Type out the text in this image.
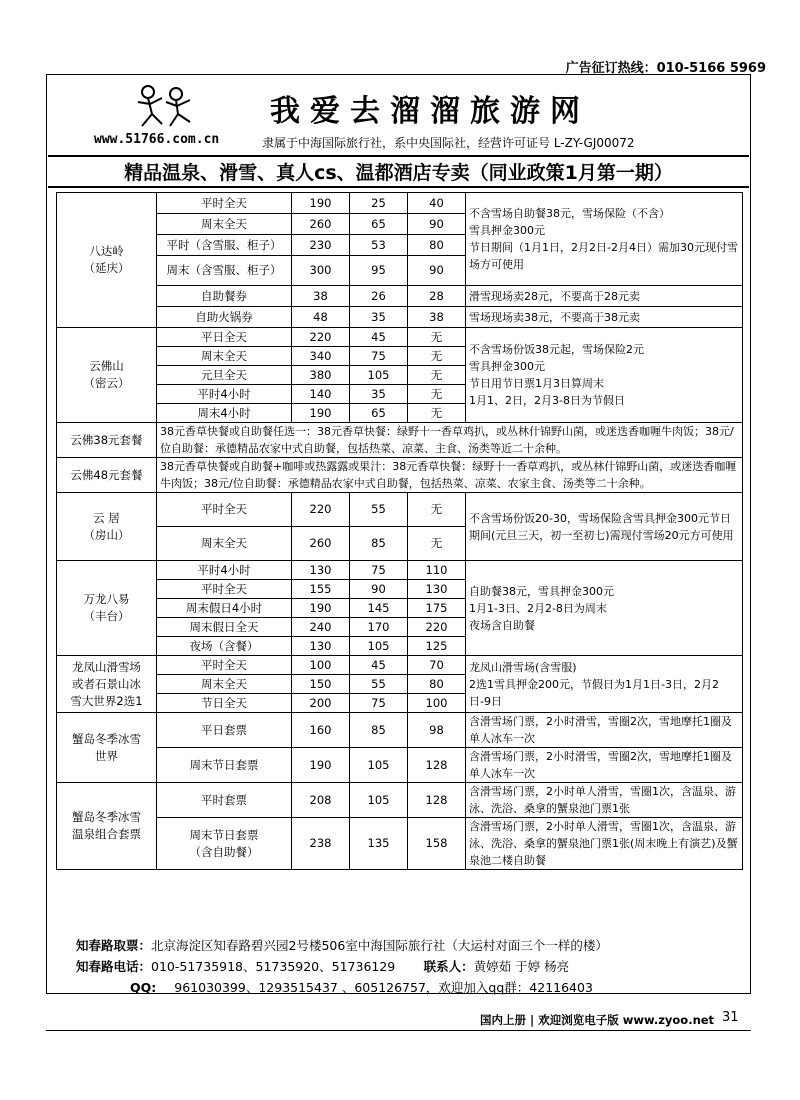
广告征订热线：010-5166 5969
我爱去溜溜旅游网
www.51766.com.cn	隶属于中海国际旅行社，系中央国际社，经营许可证号 L-ZY-GJ00072
精品温泉、滑雪、真人cs、温都酒店专卖（同业政策1月第一期）
八达岭
（延庆）	平时全天	190	25	40	不含雪场自助餐38元，雪场保险（不含）
雪具押金300元
节日期间（1月1日，2月2日-2月4日）需加30元现付雪场方可使用
	周末全天	260	65	90	
	平时（含雪服、柜子）	230	53	80	
	周末（含雪服、柜子）	300	95	90	
	自助餐券	38	26	28	滑雪现场卖28元，不要高于28元卖
	自助火锅券	48	35	38	雪场现场卖38元，不要高于38元卖
云佛山
（密云）	平日全天	220	45	无	不含雪场份饭38元起，雪场保险2元
雪具押金300元
节日用节日票1月3日算周末
1月1、2日，2月3-8日为节假日
	周末全天	340	75	无	
	元旦全天	380	105	无	
	平时4小时	140	35	无	
	周末4小时	190	65	无	
云佛38元套餐	38元香草快餐或自助餐任选一：38元香草快餐：绿野十一香草鸡扒，或丛林什锦野山菌，或迷迭香咖喱牛肉饭；38元/位自助餐：承德精品农家中式自助餐，包括热菜、凉菜、主食、汤类等近二十余种。				
云佛48元套餐	38元香草快餐或自助餐+咖啡或热露露或果汁：38元香草快餐：绿野十一香草鸡扒，或丛林什锦野山菌，或迷迭香咖喱牛肉饭；38元/位自助餐：承德精品农家中式自助餐，包括热菜、凉菜、农家主食、汤类等二十余种。				
云 居
（房山）	平时全天	220	55	无	不含雪场份饭20-30，雪场保险含雪具押金300元节日期间(元旦三天，初一至初七)需现付雪场20元方可使用
	周末全天	260	85	无	
万龙八易
（丰台）	平时4小时	130	75	110	自助餐38元，雪具押金300元
1月1-3日、2月2-8日为周末
夜场含自助餐
	平时全天	155	90	130	
	周末假日4小时	190	145	175	
	周末假日全天	240	170	220	
	夜场（含餐）	130	105	125	
龙凤山滑雪场
或者石景山冰
雪大世界2选1	平时全天	100	45	70	龙凤山滑雪场(含雪服)
2选1雪具押金200元，节假日为1月1日-3日，2月2日-9日
	周末全天	150	55	80	
	节日全天	200	75	100	
蟹岛冬季冰雪
世界	平日套票	160	85	98	含滑雪场门票，2小时滑雪，雪圈2次，雪地摩托1圈及单人冰车一次
	周末节日套票	190	105	128	含滑雪场门票，2小时滑雪，雪圈2次，雪地摩托1圈及单人冰车一次
蟹岛冬季冰雪
温泉组合套票	平时套票	208	105	128	含滑雪场门票，2小时单人滑雪，雪圈1次，含温泉、游泳、洗浴、桑拿的蟹泉池门票1张
	周末节日套票
（含自助餐）	238	135	158	含滑雪场门票，2小时单人滑雪，雪圈1次，含温泉、游泳、洗浴、桑拿的蟹泉池门票1张(周末晚上有演艺)及蟹泉池二楼自助餐
知春路取票：北京海淀区知春路碧兴园2号楼506室中海国际旅行社（大运村对面三个一样的楼）
知春路电话：010-51735918、51735920、51736129 联系人：黄婷茹 于婷 杨亮
QQ: 961030399、1293515437 、605126757，欢迎加入qq群：42116403
国内上册 | 欢迎浏览电子版 www.zyoo.net 31
